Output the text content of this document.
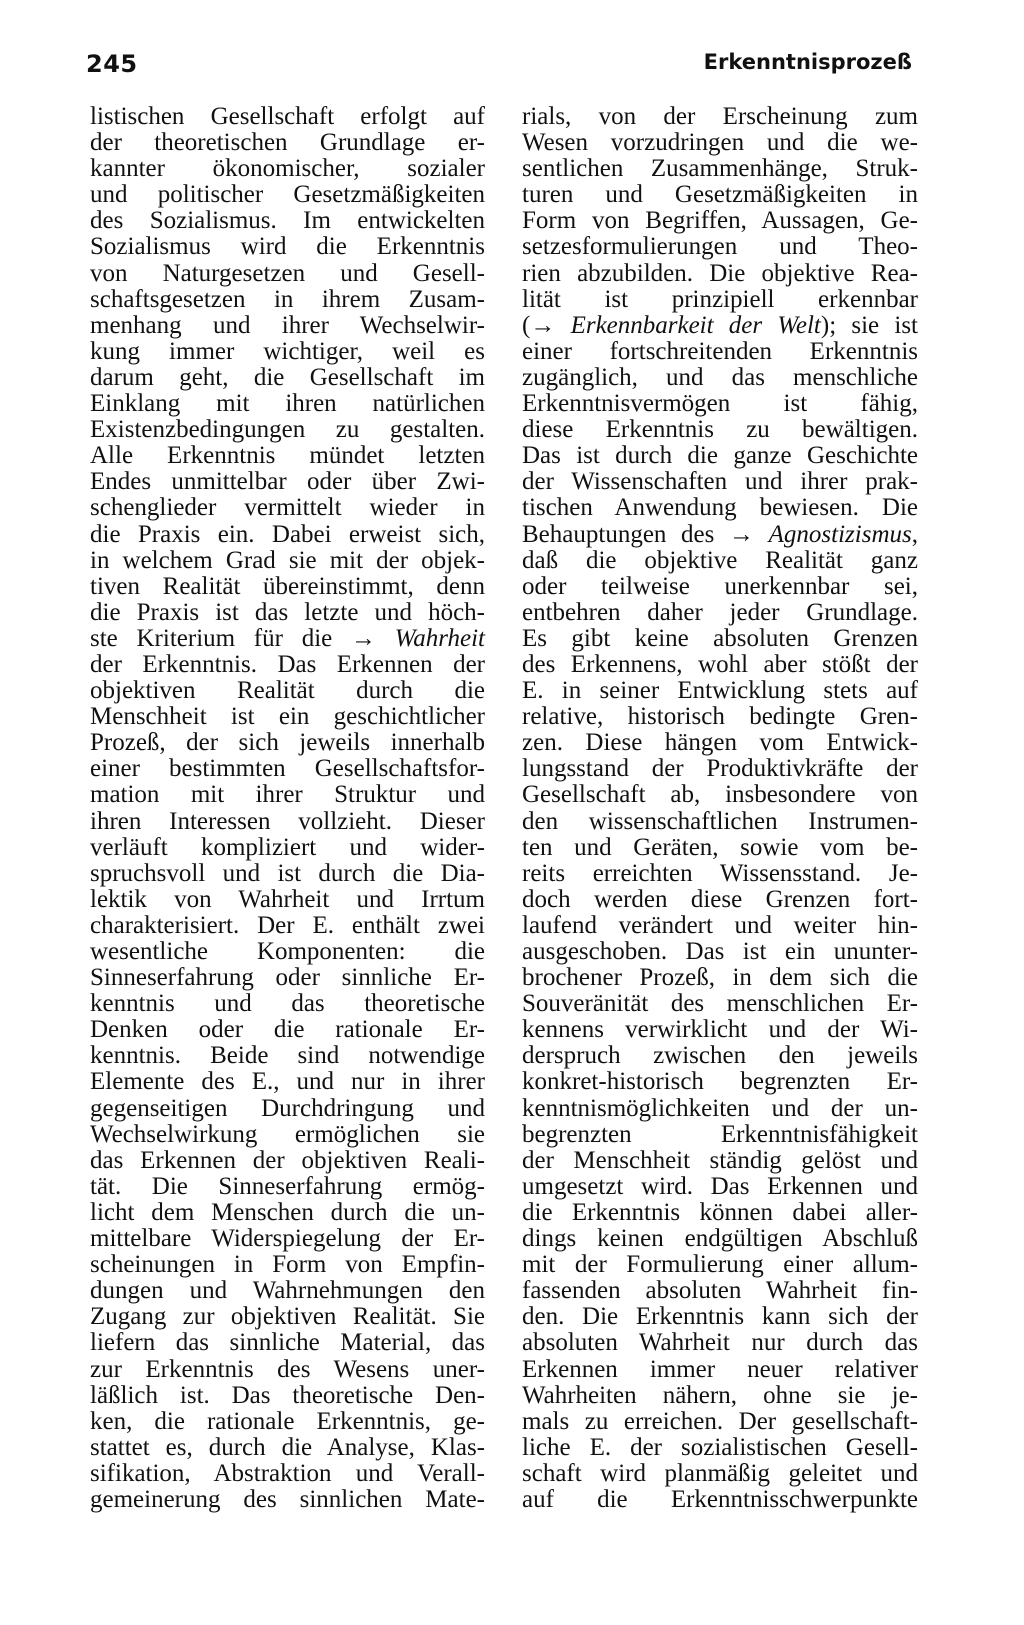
245	Erkenntnisprozeß
listischen Gesellschaft erfolgt auf
der theoretischen Grundlage er-
kannter ökonomischer, sozialer
und politischer Gesetzmäßigkeiten
des Sozialismus. Im entwickelten
Sozialismus wird die Erkenntnis
von Naturgesetzen und Gesell-
schaftsgesetzen in ihrem Zusam-
menhang und ihrer Wechselwir-
kung immer wichtiger, weil es
darum geht, die Gesellschaft im
Einklang mit ihren natürlichen
Existenzbedingungen zu gestalten.
Alle Erkenntnis mündet letzten
Endes unmittelbar oder über Zwi-
schenglieder vermittelt wieder in
die Praxis ein. Dabei erweist sich,
in welchem Grad sie mit der objek-
tiven Realität übereinstimmt, denn
die Praxis ist das letzte und höch-
ste Kriterium für die → Wahrheit
der Erkenntnis. Das Erkennen der
objektiven Realität durch die
Menschheit ist ein geschichtlicher
Prozeß, der sich jeweils innerhalb
einer bestimmten Gesellschaftsfor-
mation mit ihrer Struktur und
ihren Interessen vollzieht. Dieser
verläuft kompliziert und wider-
spruchsvoll und ist durch die Dia-
lektik von Wahrheit und Irrtum
charakterisiert. Der E. enthält zwei
wesentliche Komponenten: die
Sinneserfahrung oder sinnliche Er-
kenntnis und das theoretische
Denken oder die rationale Er-
kenntnis. Beide sind notwendige
Elemente des E., und nur in ihrer
gegenseitigen Durchdringung und
Wechselwirkung ermöglichen sie
das Erkennen der objektiven Reali-
tät. Die Sinneserfahrung ermög-
licht dem Menschen durch die un-
mittelbare Widerspiegelung der Er-
scheinungen in Form von Empfin-
dungen und Wahrnehmungen den
Zugang zur objektiven Realität. Sie
liefern das sinnliche Material, das
zur Erkenntnis des Wesens uner-
läßlich ist. Das theoretische Den-
ken, die rationale Erkenntnis, ge-
stattet es, durch die Analyse, Klas-
sifikation, Abstraktion und Verall-
gemeinerung des sinnlichen Mate-
rials, von der Erscheinung zum
Wesen vorzudringen und die we-
sentlichen Zusammenhänge, Struk-
turen und Gesetzmäßigkeiten in
Form von Begriffen, Aussagen, Ge-
setzesformulierungen und Theo-
rien abzubilden. Die objektive Rea-
lität ist prinzipiell erkennbar
(→ Erkennbarkeit der Welt); sie ist
einer fortschreitenden Erkenntnis
zugänglich, und das menschliche
Erkenntnisvermögen ist fähig,
diese Erkenntnis zu bewältigen.
Das ist durch die ganze Geschichte
der Wissenschaften und ihrer prak-
tischen Anwendung bewiesen. Die
Behauptungen des → Agnostizismus,
daß die objektive Realität ganz
oder teilweise unerkennbar sei,
entbehren daher jeder Grundlage.
Es gibt keine absoluten Grenzen
des Erkennens, wohl aber stößt der
E. in seiner Entwicklung stets auf
relative, historisch bedingte Gren-
zen. Diese hängen vom Entwick-
lungsstand der Produktivkräfte der
Gesellschaft ab, insbesondere von
den wissenschaftlichen Instrumen-
ten und Geräten, sowie vom be-
reits erreichten Wissensstand. Je-
doch werden diese Grenzen fort-
laufend verändert und weiter hin-
ausgeschoben. Das ist ein ununter-
brochener Prozeß, in dem sich die
Souveränität des menschlichen Er-
kennens verwirklicht und der Wi-
derspruch zwischen den jeweils
konkret-historisch begrenzten Er-
kenntnismöglichkeiten und der un-
begrenzten Erkenntnisfähigkeit
der Menschheit ständig gelöst und
umgesetzt wird. Das Erkennen und
die Erkenntnis können dabei aller-
dings keinen endgültigen Abschluß
mit der Formulierung einer allum-
fassenden absoluten Wahrheit fin-
den. Die Erkenntnis kann sich der
absoluten Wahrheit nur durch das
Erkennen immer neuer relativer
Wahrheiten nähern, ohne sie je-
mals zu erreichen. Der gesellschaft-
liche E. der sozialistischen Gesell-
schaft wird planmäßig geleitet und
auf die Erkenntnisschwerpunkte
